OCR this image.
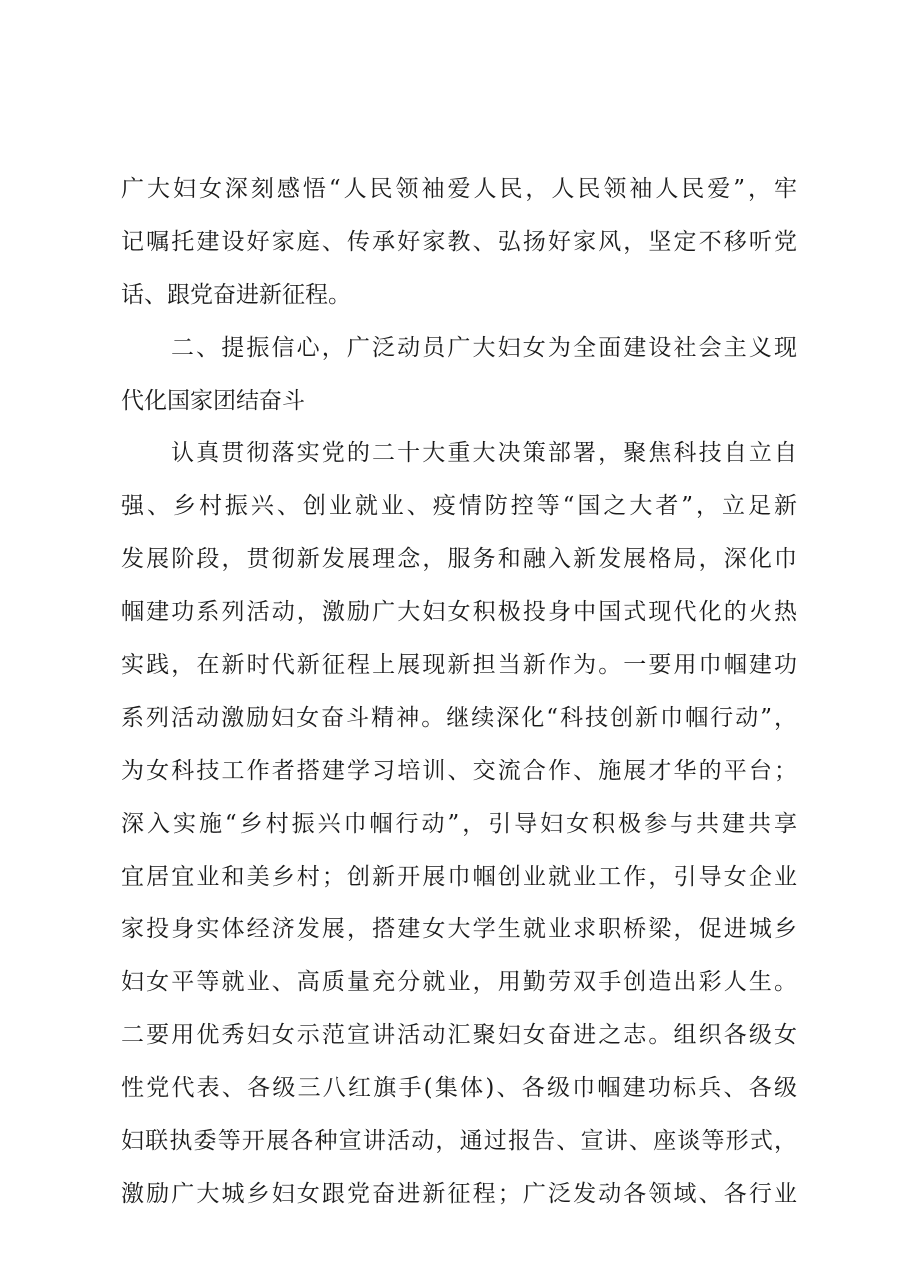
广大妇女深刻感悟“人民领袖爱人民，人民领袖人民爱”，牢
记嘱托建设好家庭、传承好家教、弘扬好家风，坚定不移听党
话、跟党奋进新征程。
二、提振信心，广泛动员广大妇女为全面建设社会主义现
代化国家团结奋斗
认真贯彻落实党的二十大重大决策部署，聚焦科技自立自
强、乡村振兴、创业就业、疫情防控等“国之大者”，立足新
发展阶段，贯彻新发展理念，服务和融入新发展格局，深化巾
帼建功系列活动，激励广大妇女积极投身中国式现代化的火热
实践，在新时代新征程上展现新担当新作为。一要用巾帼建功
系列活动激励妇女奋斗精神。继续深化“科技创新巾帼行动”，
为女科技工作者搭建学习培训、交流合作、施展才华的平台；
深入实施“乡村振兴巾帼行动”，引导妇女积极参与共建共享
宜居宜业和美乡村；创新开展巾帼创业就业工作，引导女企业
家投身实体经济发展，搭建女大学生就业求职桥梁，促进城乡
妇女平等就业、高质量充分就业，用勤劳双手创造出彩人生。
二要用优秀妇女示范宣讲活动汇聚妇女奋进之志。组织各级女
性党代表、各级三八红旗手(集体)、各级巾帼建功标兵、各级
妇联执委等开展各种宣讲活动，通过报告、宣讲、座谈等形式，
激励广大城乡妇女跟党奋进新征程；广泛发动各领域、各行业
